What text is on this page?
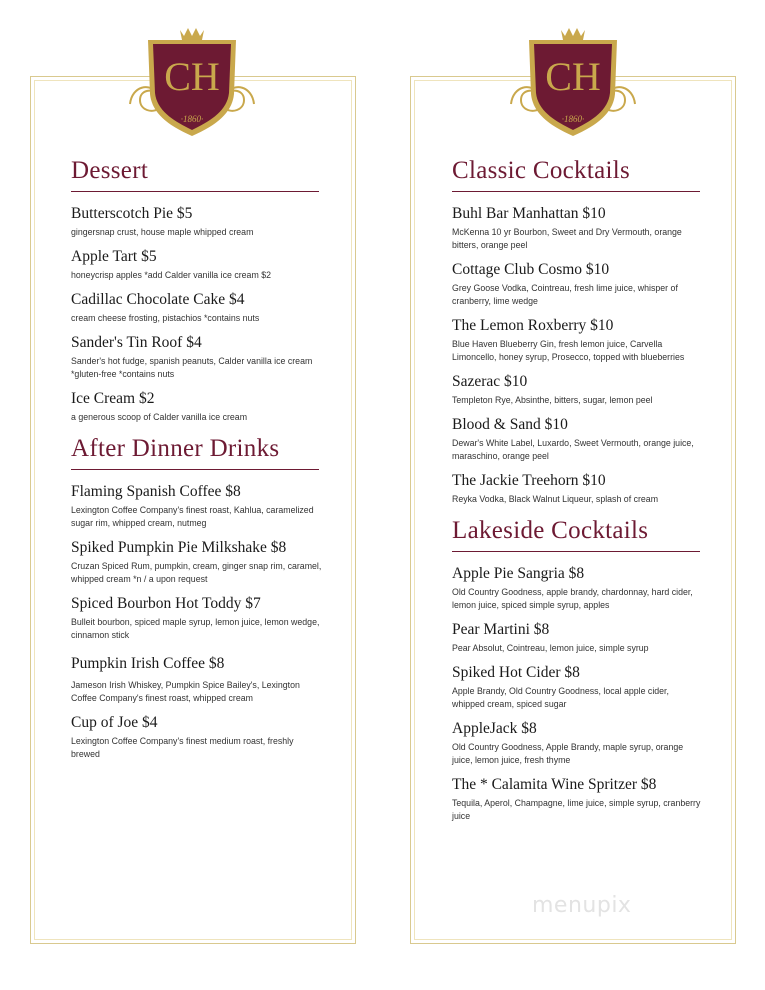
CH
·1860·
CH
·1860·
Dessert
Butterscotch Pie $5
gingersnap crust, house maple whipped cream
Apple Tart $5
honeycrisp apples *add Calder vanilla ice cream $2
Cadillac Chocolate Cake $4
cream cheese frosting, pistachios *contains nuts
Sander's Tin Roof $4
Sander's hot fudge, spanish peanuts, Calder vanilla ice cream *gluten-free *contains nuts
Ice Cream $2
a generous scoop of Calder vanilla ice cream
After Dinner Drinks
Flaming Spanish Coffee $8
Lexington Coffee Company's finest roast, Kahlua, caramelized sugar rim, whipped cream, nutmeg
Spiked Pumpkin Pie Milkshake $8
Cruzan Spiced Rum, pumpkin, cream, ginger snap rim, caramel, whipped cream *n / a upon request
Spiced Bourbon Hot Toddy $7
Bulleit bourbon, spiced maple syrup, lemon juice, lemon wedge, cinnamon stick
Pumpkin Irish Coffee $8
Jameson Irish Whiskey, Pumpkin Spice Bailey's, Lexington Coffee Company's finest roast, whipped cream
Cup of Joe $4
Lexington Coffee Company's finest medium roast, freshly brewed
Classic Cocktails
Buhl Bar Manhattan $10
McKenna 10 yr Bourbon, Sweet and Dry Vermouth, orange bitters, orange peel
Cottage Club Cosmo $10
Grey Goose Vodka, Cointreau, fresh lime juice, whisper of cranberry, lime wedge
The Lemon Roxberry $10
Blue Haven Blueberry Gin, fresh lemon juice, Carvella Limoncello, honey syrup, Prosecco, topped with blueberries
Sazerac $10
Templeton Rye, Absinthe, bitters, sugar, lemon peel
Blood & Sand $10
Dewar's White Label, Luxardo, Sweet Vermouth, orange juice, maraschino, orange peel
The Jackie Treehorn $10
Reyka Vodka, Black Walnut Liqueur, splash of cream
Lakeside Cocktails
Apple Pie Sangria $8
Old Country Goodness, apple brandy, chardonnay, hard cider, lemon juice, spiced simple syrup, apples
Pear Martini $8
Pear Absolut, Cointreau, lemon juice, simple syrup
Spiked Hot Cider $8
Apple Brandy, Old Country Goodness, local apple cider, whipped cream, spiced sugar
AppleJack $8
Old Country Goodness, Apple Brandy, maple syrup, orange juice, lemon juice, fresh thyme
The * Calamita Wine Spritzer $8
Tequila, Aperol, Champagne, lime juice, simple syrup, cranberry juice
menupix
